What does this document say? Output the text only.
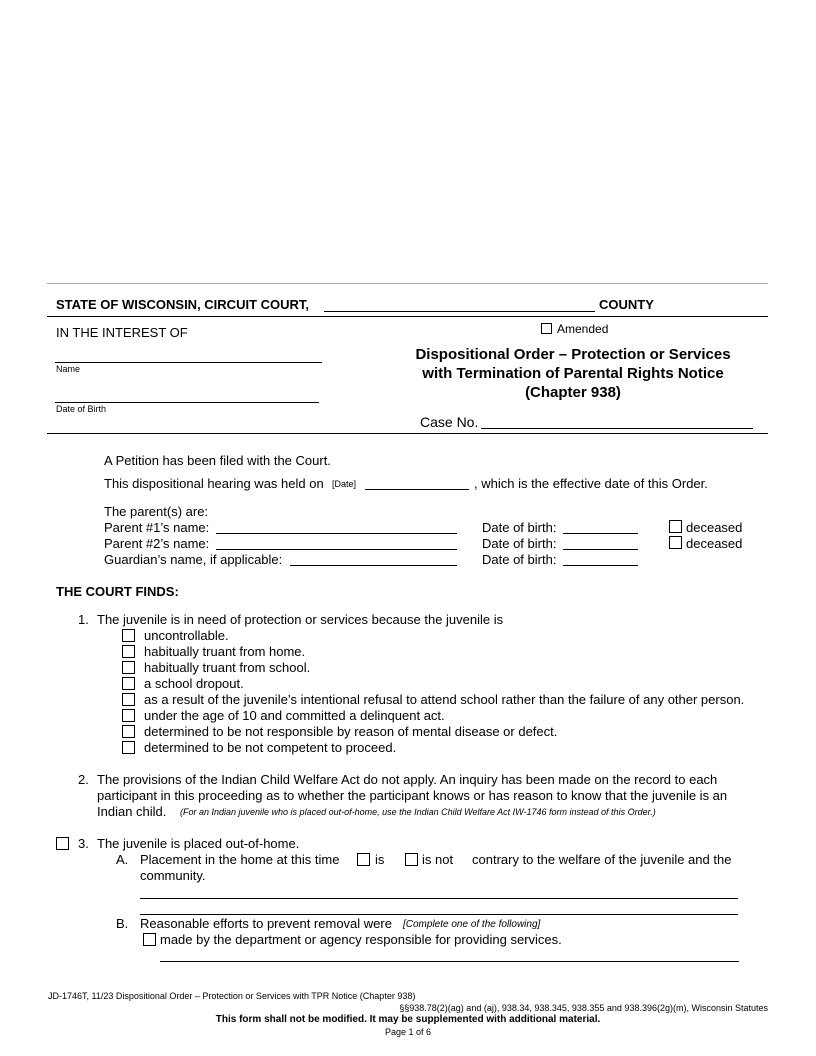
STATE OF WISCONSIN, CIRCUIT COURT,	COUNTY
IN THE INTEREST OF	Amended
Name
Date of Birth
Dispositional Order – Protection or Services
with Termination of Parental Rights Notice
(Chapter 938)
Case No.
A Petition has been filed with the Court.
This dispositional hearing was held on [Date]	, which is the effective date of this Order.
The parent(s) are:
Parent #1’s name:	Date of birth:	deceased
Parent #2’s name:	Date of birth:	deceased
Guardian’s name, if applicable:	Date of birth:
THE COURT FINDS:
1. The juvenile is in need of protection or services because the juvenile is
uncontrollable.
habitually truant from home.
habitually truant from school.
a school dropout.
as a result of the juvenile’s intentional refusal to attend school rather than the failure of any other person.
under the age of 10 and committed a delinquent act.
determined to be not responsible by reason of mental disease or defect.
determined to be not competent to proceed.
2. The provisions of the Indian Child Welfare Act do not apply. An inquiry has been made on the record to each
participant in this proceeding as to whether the participant knows or has reason to know that the juvenile is an
Indian child. (For an Indian juvenile who is placed out-of-home, use the Indian Child Welfare Act IW-1746 form instead of this Order.)
3. The juvenile is placed out-of-home.
A. Placement in the home at this time	is	is not contrary to the welfare of the juvenile and the
community.
B. Reasonable efforts to prevent removal were [Complete one of the following]
made by the department or agency responsible for providing services.
JD-1746T, 11/23 Dispositional Order – Protection or Services with TPR Notice (Chapter 938)
§§938.78(2)(ag) and (aj), 938.34, 938.345, 938.355 and 938.396(2g)(m), Wisconsin Statutes
This form shall not be modified. It may be supplemented with additional material.
Page 1 of 6
